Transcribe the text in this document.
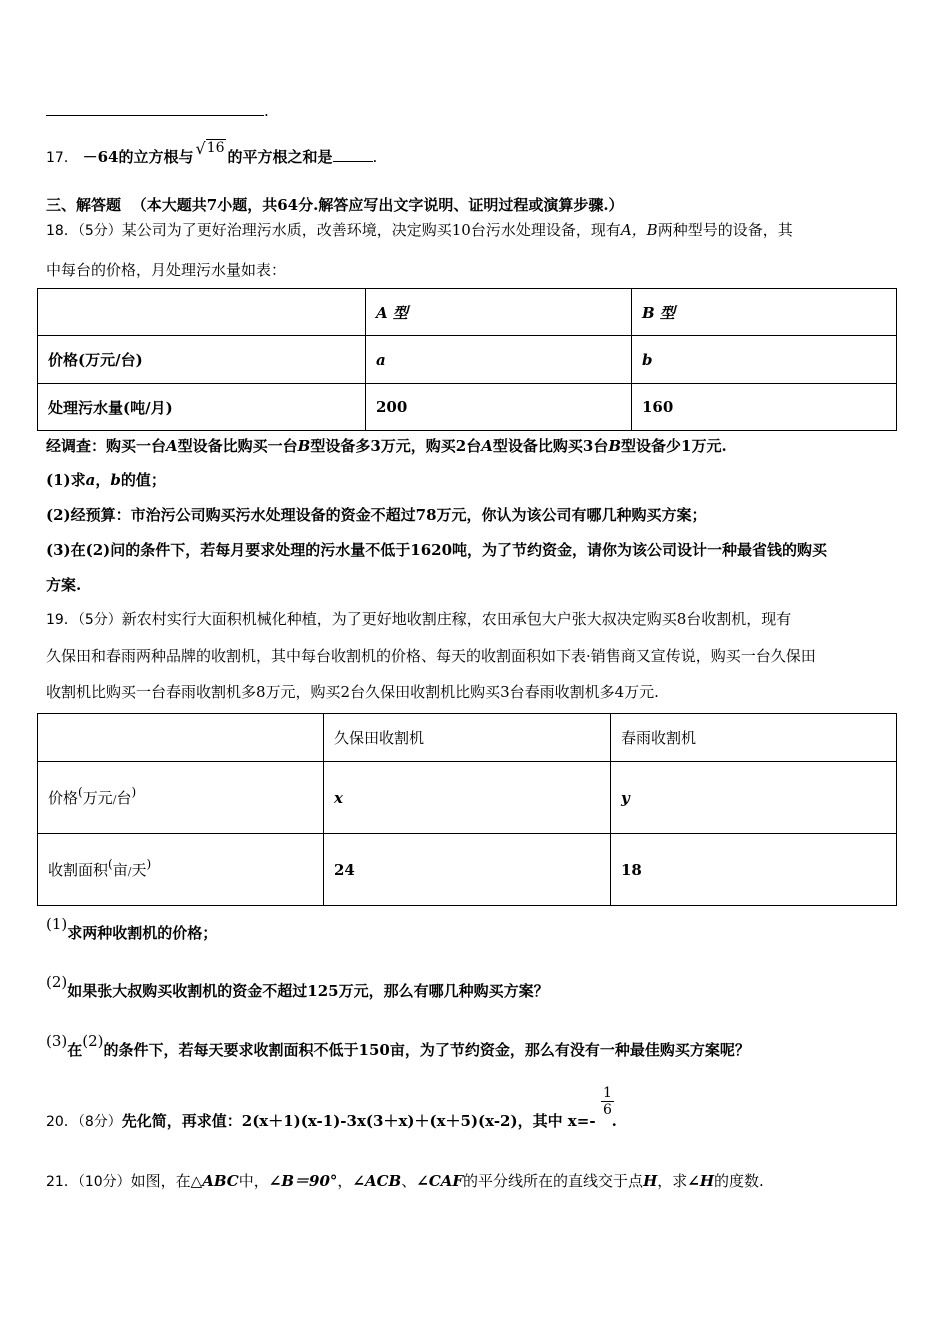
.
17． －64的立方根与 √16 的平方根之和是	.
三、解答题 （本大题共7小题，共64分.解答应写出文字说明、证明过程或演算步骤.）
18．（5分）某公司为了更好治理污水质，改善环境，决定购买10台污水处理设备，现有A，B两种型号的设备，其
中每台的价格，月处理污水量如表：
	A 型	B 型
价格(万元/台)	a	b
处理污水量(吨/月)	200	160
经调查：购买一台A型设备比购买一台B型设备多3万元，购买2台A型设备比购买3台B型设备少1万元.
(1)求a，b的值；
(2)经预算：市治污公司购买污水处理设备的资金不超过78万元，你认为该公司有哪几种购买方案；
(3)在(2)问的条件下，若每月要求处理的污水量不低于1620吨，为了节约资金，请你为该公司设计一种最省钱的购买
方案.
19．（5分）新农村实行大面积机械化种植，为了更好地收割庄稼，农田承包大户张大叔决定购买8台收割机，现有
久保田和春雨两种品牌的收割机，其中每台收割机的价格、每天的收割面积如下表·销售商又宣传说，购买一台久保田
收割机比购买一台春雨收割机多8万元，购买2台久保田收割机比购买3台春雨收割机多4万元.
	久保田收割机	春雨收割机
价格(万元/台)	x	y
收割面积(亩/天)	24	18
(1)求两种收割机的价格；
(2)如果张大叔购买收割机的资金不超过125万元，那么有哪几种购买方案？
(3)在(2)的条件下，若每天要求收割面积不低于150亩，为了节约资金，那么有没有一种最佳购买方案呢？
20．（8分）先化简，再求值：2(x＋1)(x-1)-3x(3＋x)＋(x＋5)(x-2)，其中 x=- .
$\frac{1}{6}$
21．（10分）如图，在△ABC中，∠B＝90°，∠ACB、∠CAF的平分线所在的直线交于点H，求∠H的度数.
